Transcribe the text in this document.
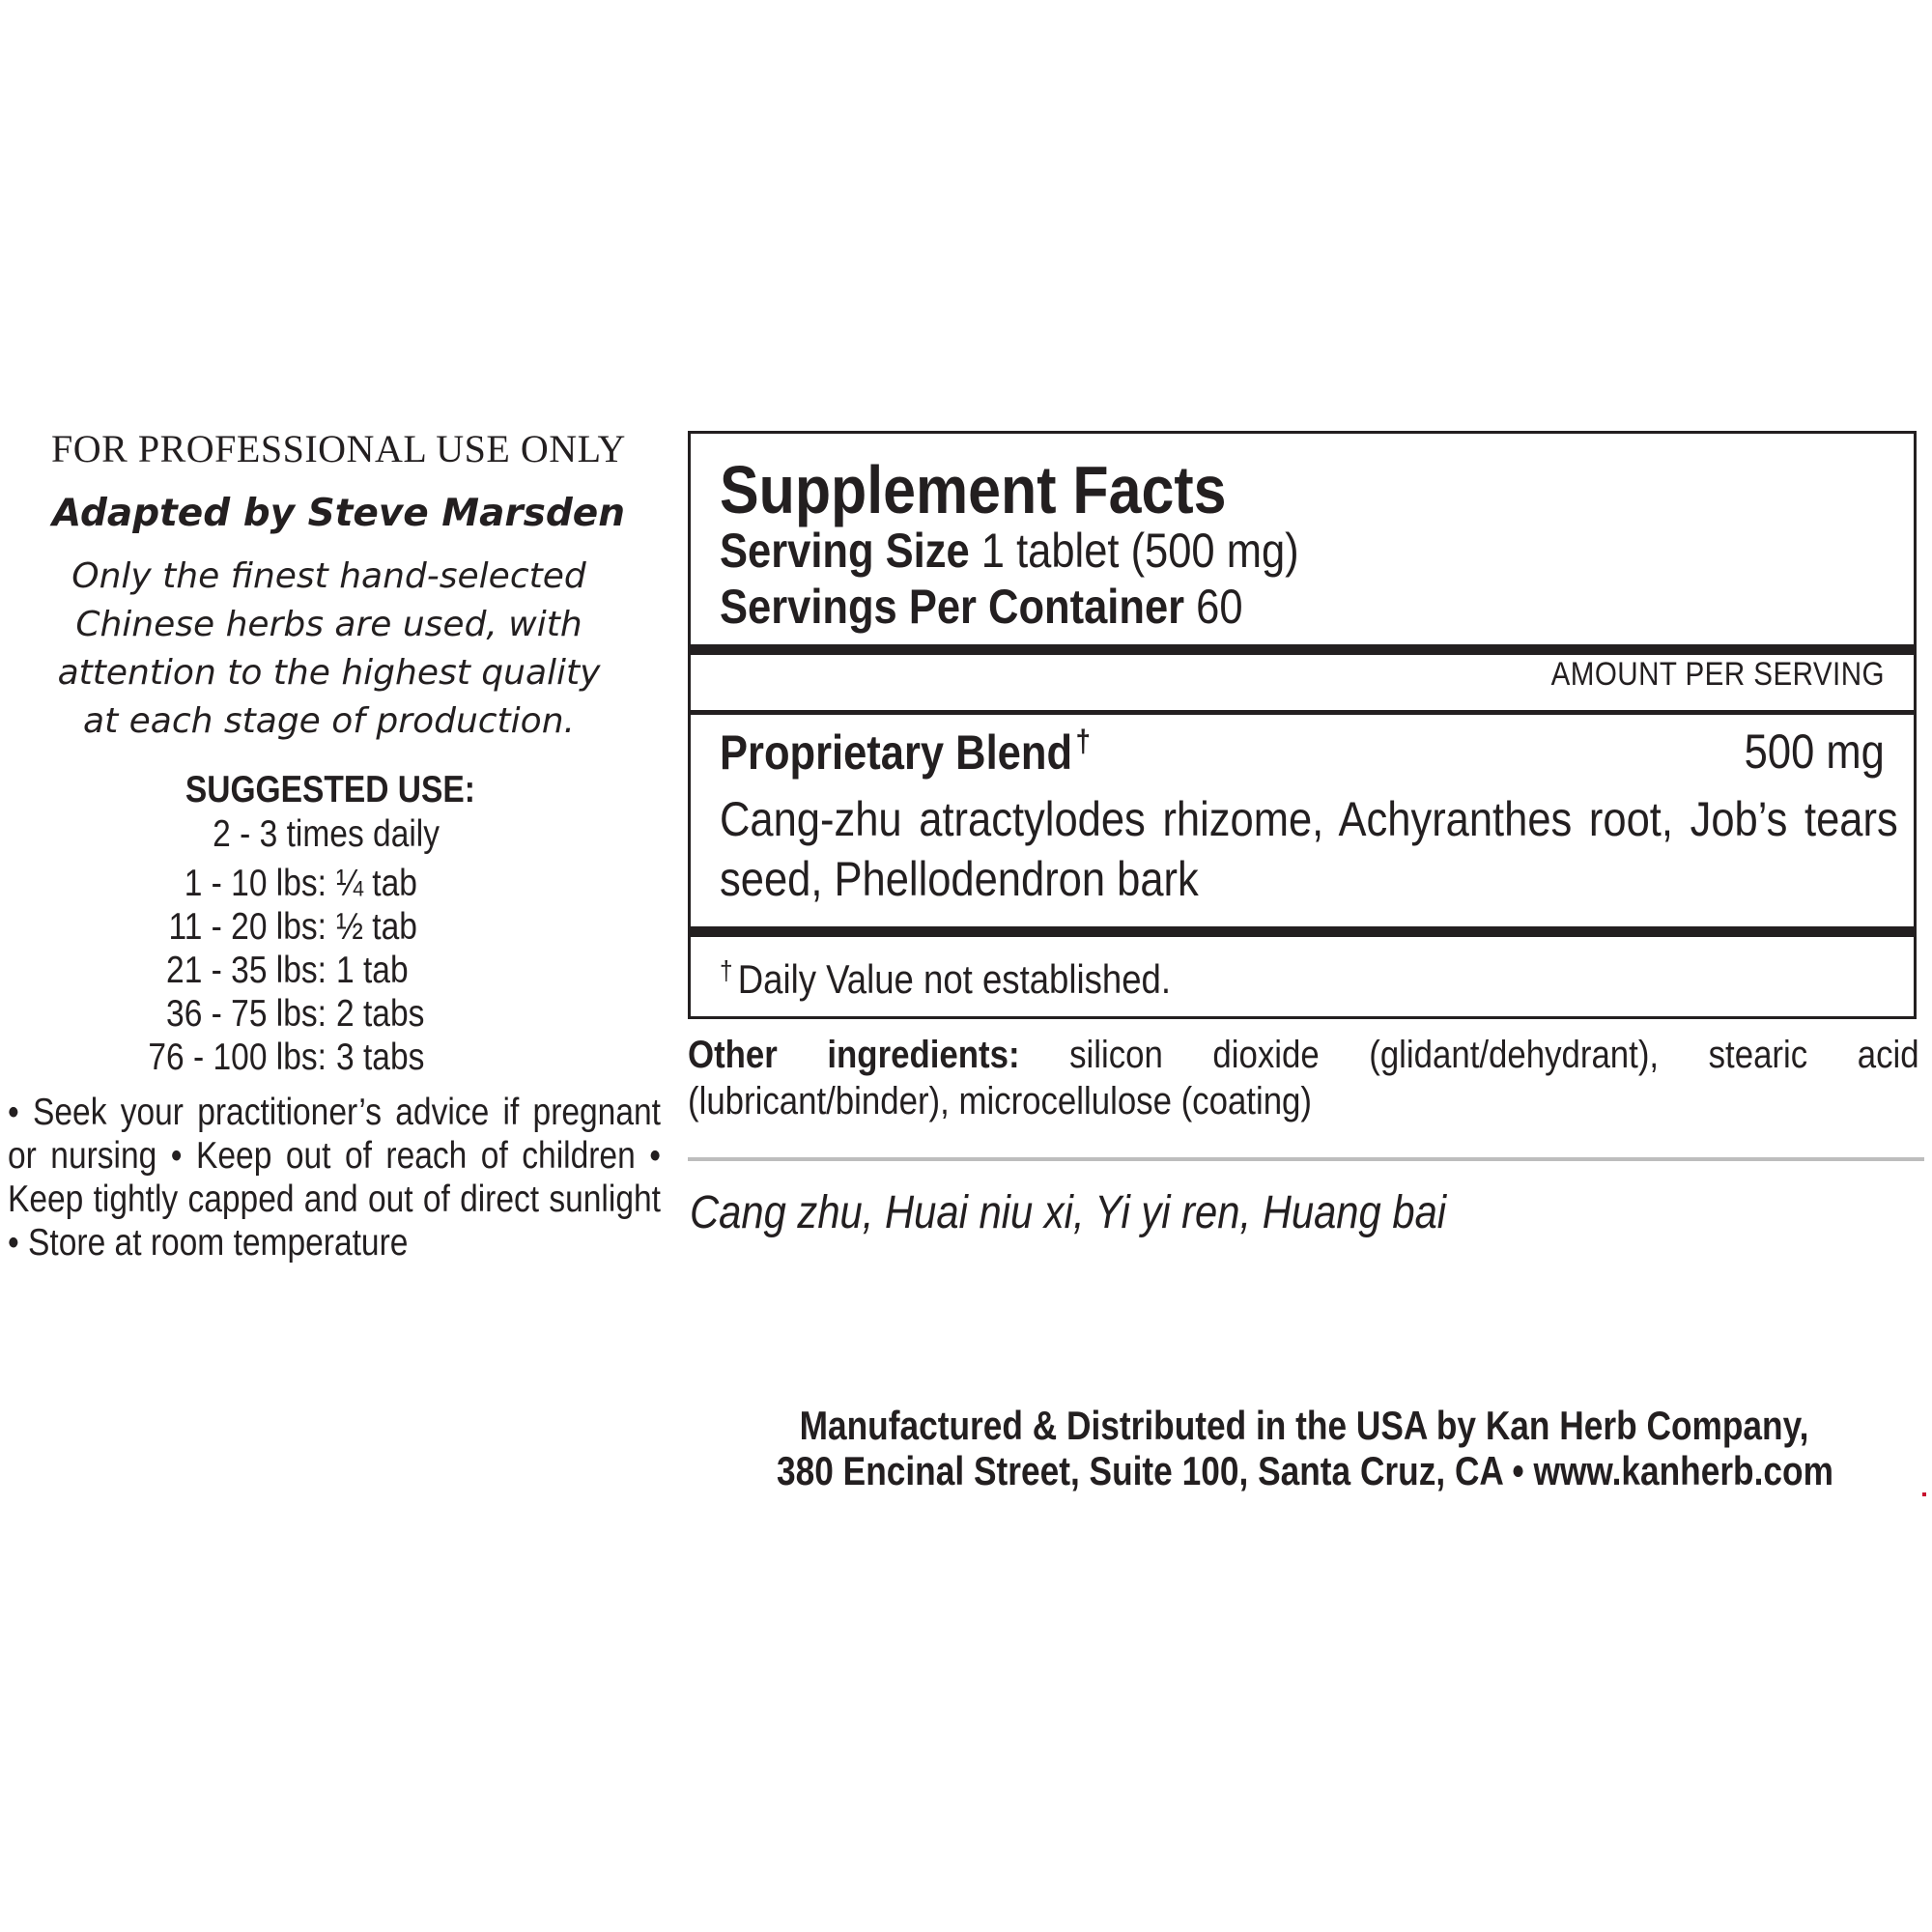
FOR PROFESSIONAL USE ONLY
Adapted by Steve Marsden
Only the finest hand-selected
Chinese herbs are used, with
attention to the highest quality
at each stage of production.
SUGGESTED USE:
2 - 3 times daily
1 - 10 lbs: ¼ tab
11 - 20 lbs: ½ tab
21 - 35 lbs: 1 tab
36 - 75 lbs: 2 tabs
76 - 100 lbs: 3 tabs
• Seek your practitioner’s advice if pregnant or nursing • Keep out of reach of children • Keep tightly capped and out of direct sunlight • Store at room temperature
Supplement Facts
Serving Size 1 tablet (500 mg)
Servings Per Container 60
AMOUNT PER SERVING
Proprietary Blend †	500 mg
Cang-zhu atractylodes rhizome, Achyranthes root, Job’s tears seed, Phellodendron bark
† Daily Value not established.
Other ingredients: silicon dioxide (glidant/dehydrant), stearic acid (lubricant/binder), microcellulose (coating)
Cang zhu, Huai niu xi, Yi yi ren, Huang bai
Manufactured & Distributed in the USA by Kan Herb Company,
380 Encinal Street, Suite 100, Santa Cruz, CA • www.kanherb.com
